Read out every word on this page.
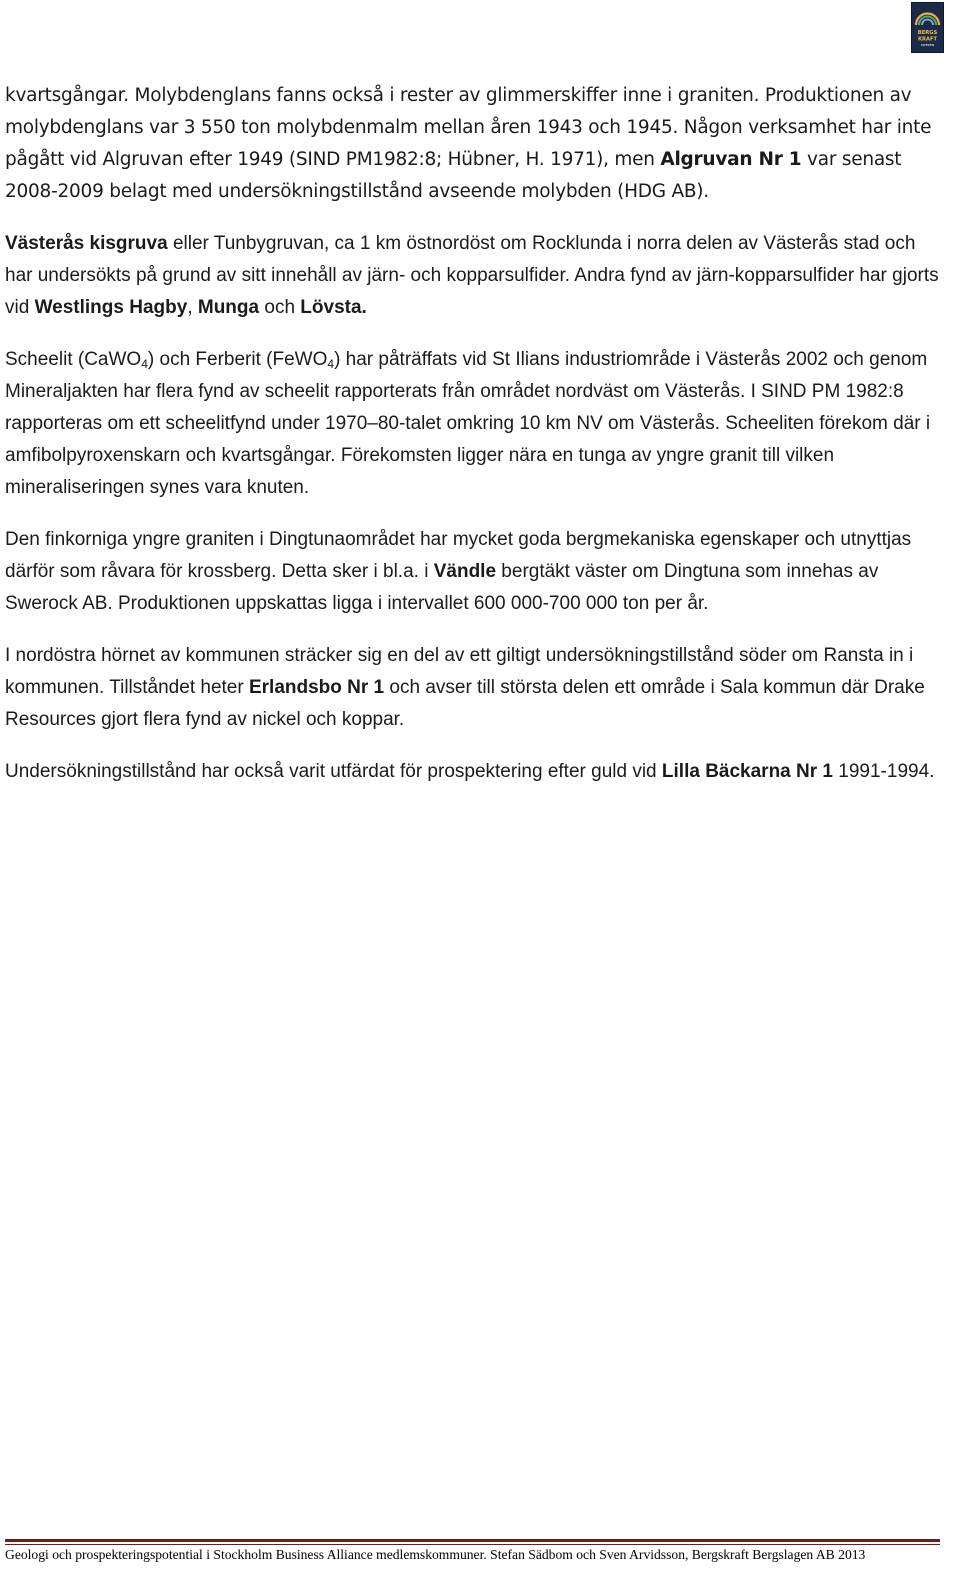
BERGS
KRAFT
SWEDEN

kvartsgångar. Molybdenglans fanns också i rester av glimmerskiffer inne i graniten. Produktionen av molybdenglans var 3 550 ton molybdenmalm mellan åren 1943 och 1945. Någon verksamhet har inte pågått vid Algruvan efter 1949 (SIND PM1982:8; Hübner, H. 1971), men Algruvan Nr 1 var senast 2008-2009 belagt med undersökningstillstånd avseende molybden (HDG AB).

Västerås kisgruva eller Tunbygruvan, ca 1 km östnordöst om Rocklunda i norra delen av Västerås stad och har undersökts på grund av sitt innehåll av järn- och kopparsulfider. Andra fynd av järn-kopparsulfider har gjorts vid Westlings Hagby, Munga och Lövsta.

Scheelit (CaWO$_4$) och Ferberit (FeWO$_4$) har påträffats vid St Ilians industriområde i Västerås 2002 och genom Mineraljakten har flera fynd av scheelit rapporterats från området nordväst om Västerås. I SIND PM 1982:8 rapporteras om ett scheelitfynd under 1970–80-talet omkring 10 km NV om Västerås. Scheeliten förekom där i amfibolpyroxenskarn och kvartsgångar. Förekomsten ligger nära en tunga av yngre granit till vilken mineraliseringen synes vara knuten.

Den finkorniga yngre graniten i Dingtunaområdet har mycket goda bergmekaniska egenskaper och utnyttjas därför som råvara för krossberg. Detta sker i bl.a. i Vändle bergtäkt väster om Dingtuna som innehas av Swerock AB. Produktionen uppskattas ligga i intervallet 600 000-700 000 ton per år.

I nordöstra hörnet av kommunen sträcker sig en del av ett giltigt undersökningstillstånd söder om Ransta in i kommunen. Tillståndet heter Erlandsbo Nr 1 och avser till största delen ett område i Sala kommun där Drake Resources gjort flera fynd av nickel och koppar.

Undersökningstillstånd har också varit utfärdat för prospektering efter guld vid Lilla Bäckarna Nr 1 1991-1994.

Geologi och prospekteringspotential i Stockholm Business Alliance medlemskommuner. Stefan Sädbom och Sven Arvidsson, Bergskraft Bergslagen AB 2013
